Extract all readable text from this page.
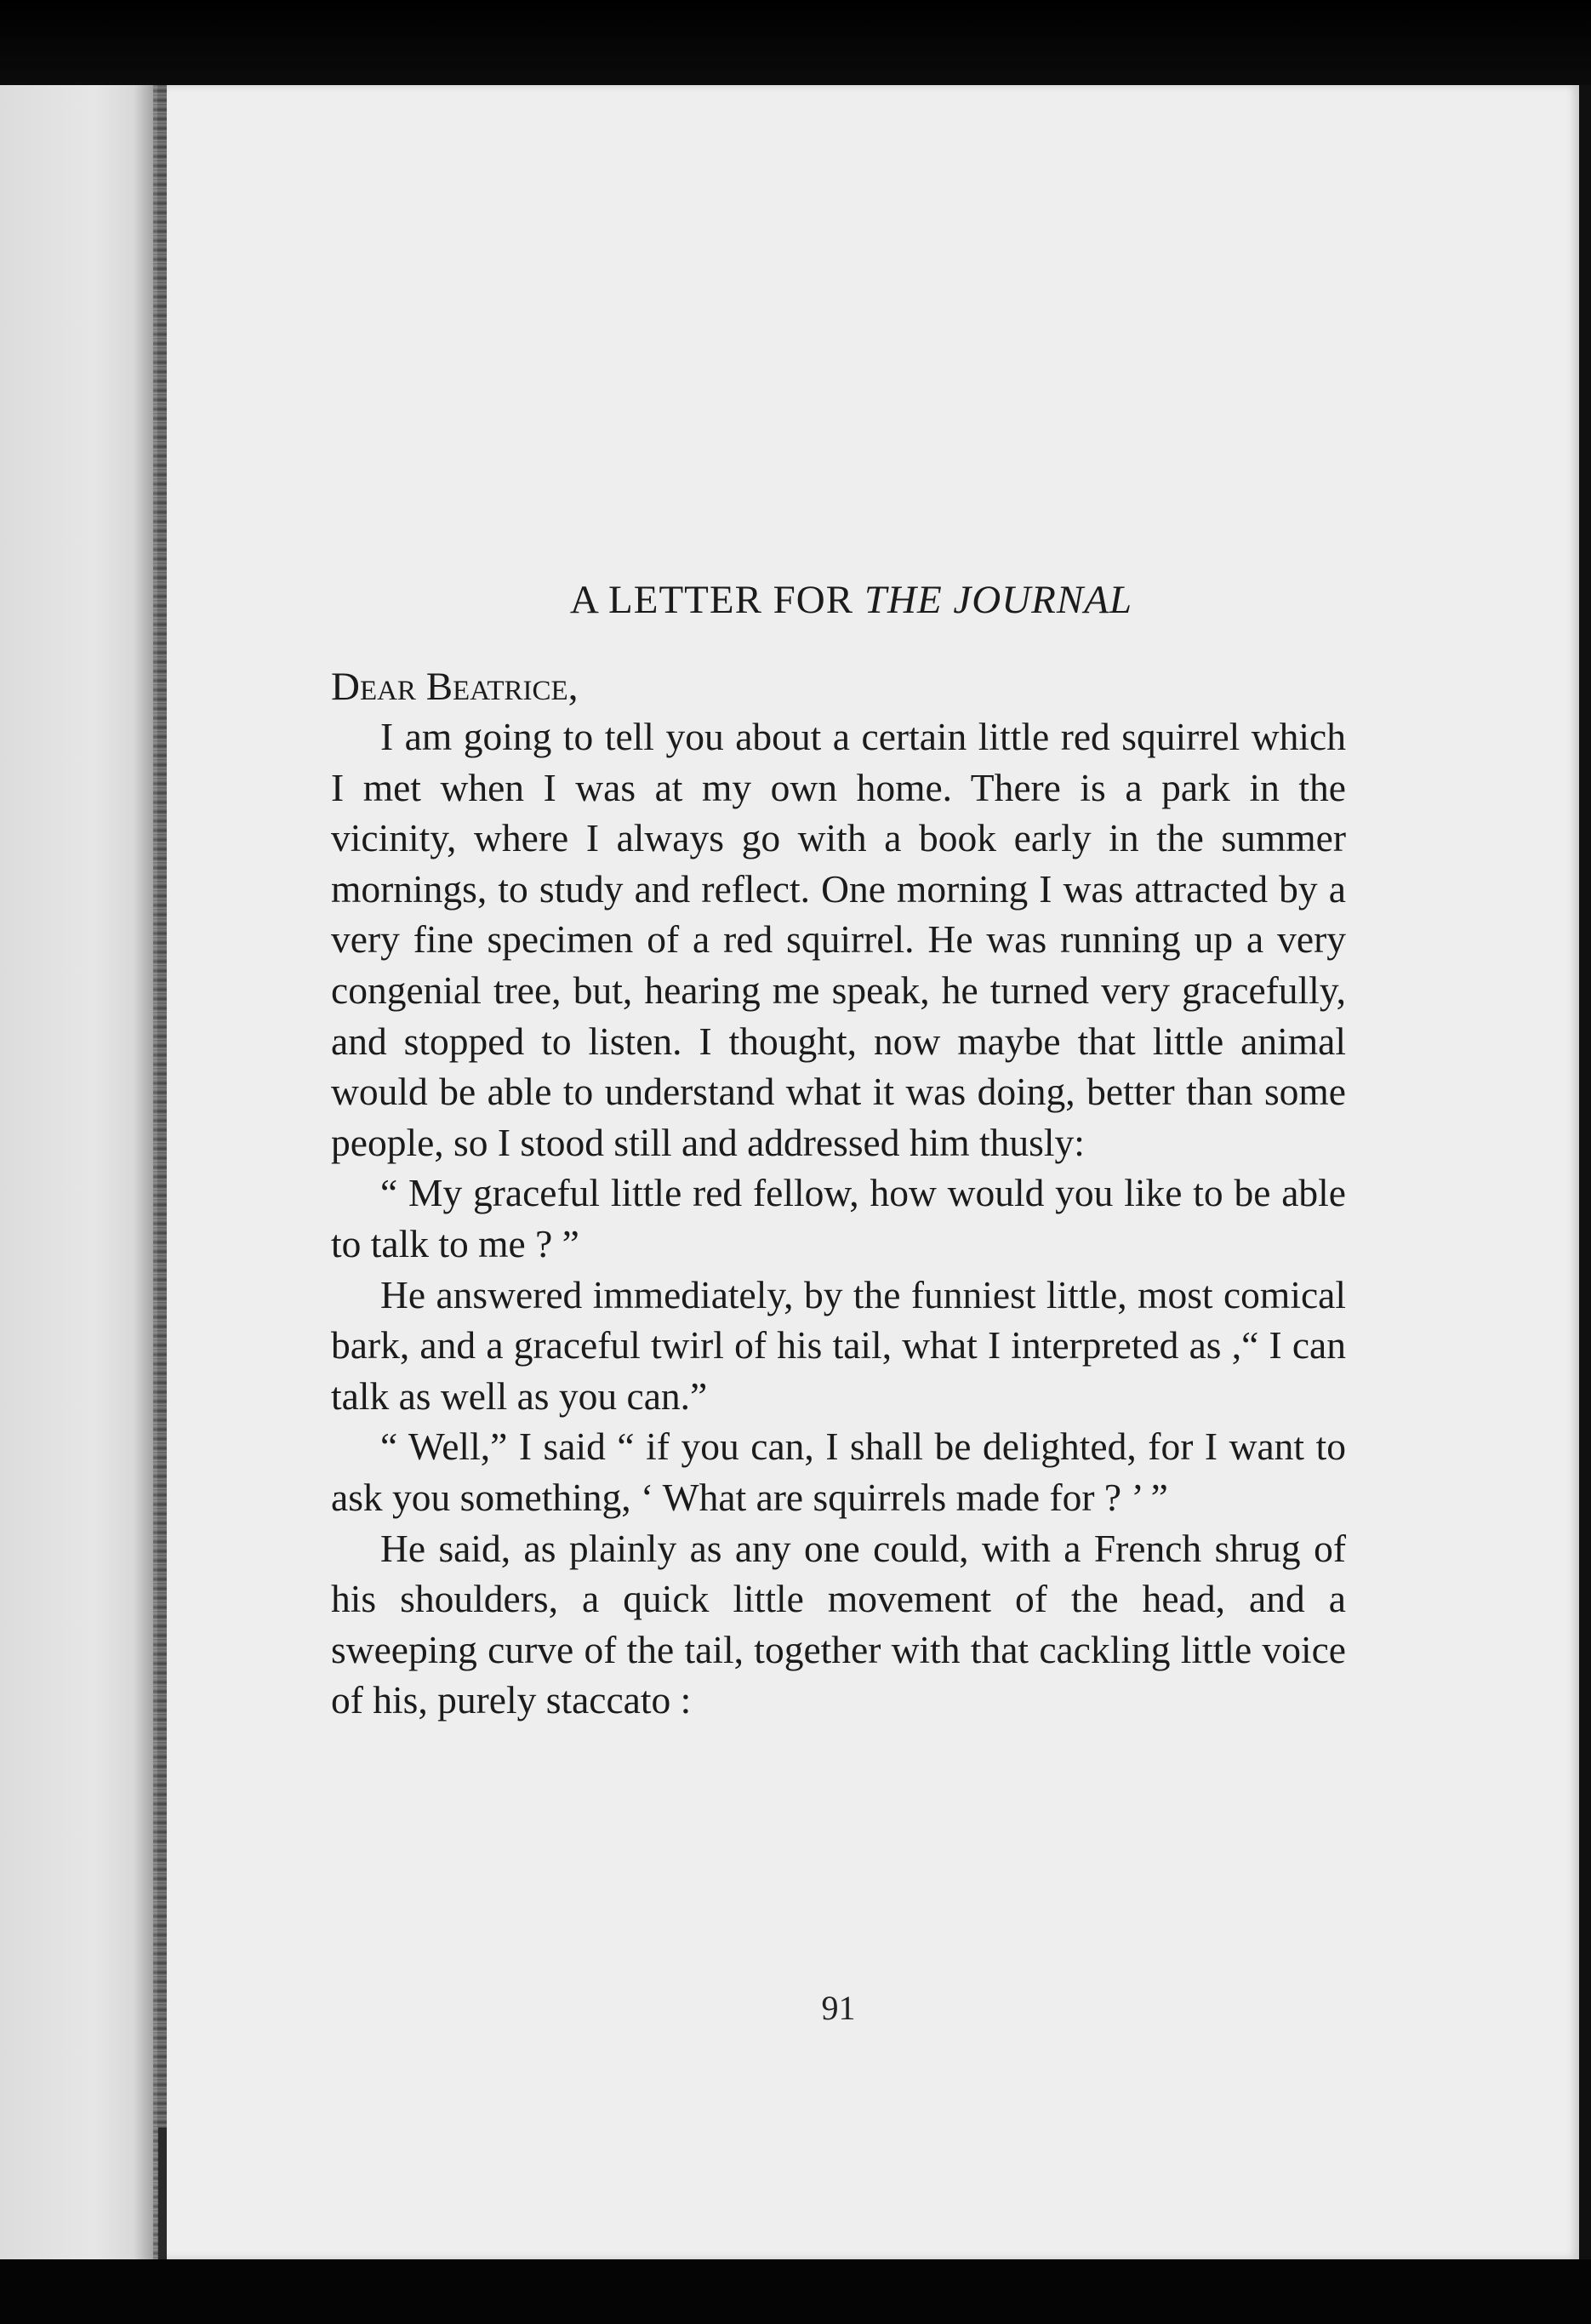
A LETTER FOR THE JOURNAL
Dear Beatrice,

I am going to tell you about a certain little red squirrel which I met when I was at my own home. There is a park in the vicinity, where I always go with a book early in the summer mornings, to study and reflect. One morning I was attracted by a very fine specimen of a red squirrel. He was running up a very congenial tree, but, hearing me speak, he turned very gracefully, and stopped to listen. I thought, now maybe that little animal would be able to understand what it was doing, better than some people, so I stood still and addressed him thusly:

“ My graceful little red fellow, how would you like to be able to talk to me ? ”

He answered immediately, by the funniest little, most comical bark, and a graceful twirl of his tail, what I interpreted as ,“ I can talk as well as you can.”

“ Well,” I said “ if you can, I shall be delighted, for I want to ask you something, ‘ What are squirrels made for ? ’ ”

He said, as plainly as any one could, with a French shrug of his shoulders, a quick little movement of the head, and a sweeping curve of the tail, together with that cackling little voice of his, purely staccato :

91
